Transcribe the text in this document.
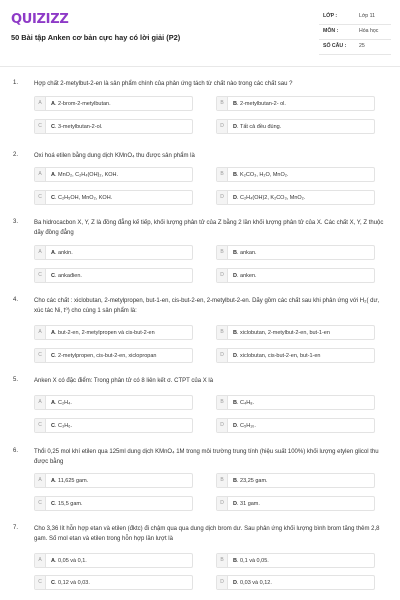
QUIZIZZ
50 Bài tập Anken cơ bản cực hay có lời giải (P2)
LỚP :	Lớp 11
MÔN :	Hóa học
SỐ CÂU : 25
1.	Hợp chất 2-metylbut-2-en là sản phẩm chính của phản ứng tách từ chất nào trong các chất sau ?
A	A. 2-brom-2-metylbutan.	B	B. 2-metylbutan-2- ol.
C	C. 3-metylbutan-2-ol.	D	D. Tất cả đều đúng.
2.	Oxi hoá etilen bằng dung dịch KMnO₄ thu được sản phẩm là
A	A. MnO₂, C₂H₄(OH)₂, KOH.	B	B. K₂CO₃, H₂O, MnO₂.
C	C. C₂H₅OH, MnO₂, KOH.	D	D. C₂H₄(OH)2, K₂CO₃, MnO₂.
3.	Ba hidrocacbon X, Y, Z là đồng đẳng kế tiếp, khối lượng phân tử của Z bằng 2 lần khối lượng phân tử của X. Các chất X, Y, Z thuộc dãy đồng đẳng
A	A. ankin.	B	B. ankan.
C	C. ankađien.	D	D. anken.
4.	Cho các chất : xiclobutan, 2-metylpropen, but-1-en, cis-but-2-en, 2-metylbut-2-en. Dãy gồm các chất sau khi phản ứng với H₂( dư, xúc tác Ni, t⁰) cho cùng 1 sản phẩm là:
A	A. but-2-en, 2-metylpropen và cis-but-2-en	B	B. xiclobutan, 2-metylbut-2-en, but-1-en
C	C. 2-metylpropen, cis-but-2-en, xiclopropan	D	D. xiclobutan, cis-but-2-en, but-1-en
5.	Anken X có đặc điểm: Trong phân tử có 8 liên kết σ. CTPT của X là
A	A. C₂H₄.	B	B. C₄H₈.
C	C. C₃H₆.	D	D. C₅H₁₀.
6.	Thổi 0,25 mol khí etilen qua 125ml dung dịch KMnO₄ 1M trong môi trường trung tính (hiệu suất 100%) khối lượng etylen glicol thu được bằng
A	A. 11,625 gam.	B	B. 23,25 gam.
C	C. 15,5 gam.	D	D. 31 gam.
7.	Cho 3,36 lít hỗn hợp etan và etilen (đktc) đi chậm qua qua dung dịch brom dư. Sau phản ứng khối lượng bình brom tăng thêm 2,8 gam. Số mol etan và etilen trong hỗn hợp lần lượt là
A	A. 0,05 và 0,1.	B	B. 0,1 và 0,05.
C	C. 0,12 và 0,03.	D	D. 0,03 và 0,12.
